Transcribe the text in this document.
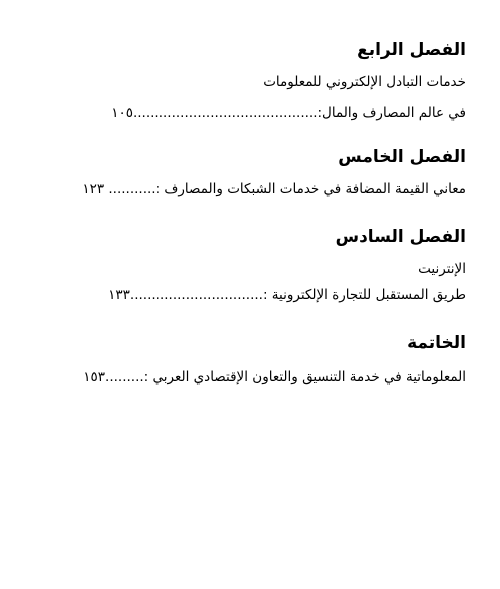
الفصل الرابع

خدمات التبادل الإلكتروني للمعلومات

في عالم المصارف والمال:...........................................١٠٥

الفصل الخامس

معاني القيمة المضافة في خدمات الشبكات والمصارف :........... ١٢٣

الفصل السادس

الإنترنيت

طريق المستقبل للتجارة الإلكترونية :...............................١٣٣

الخاتمة

المعلوماتية في خدمة التنسيق والتعاون الإقتصادي العربي :.........١٥٣
